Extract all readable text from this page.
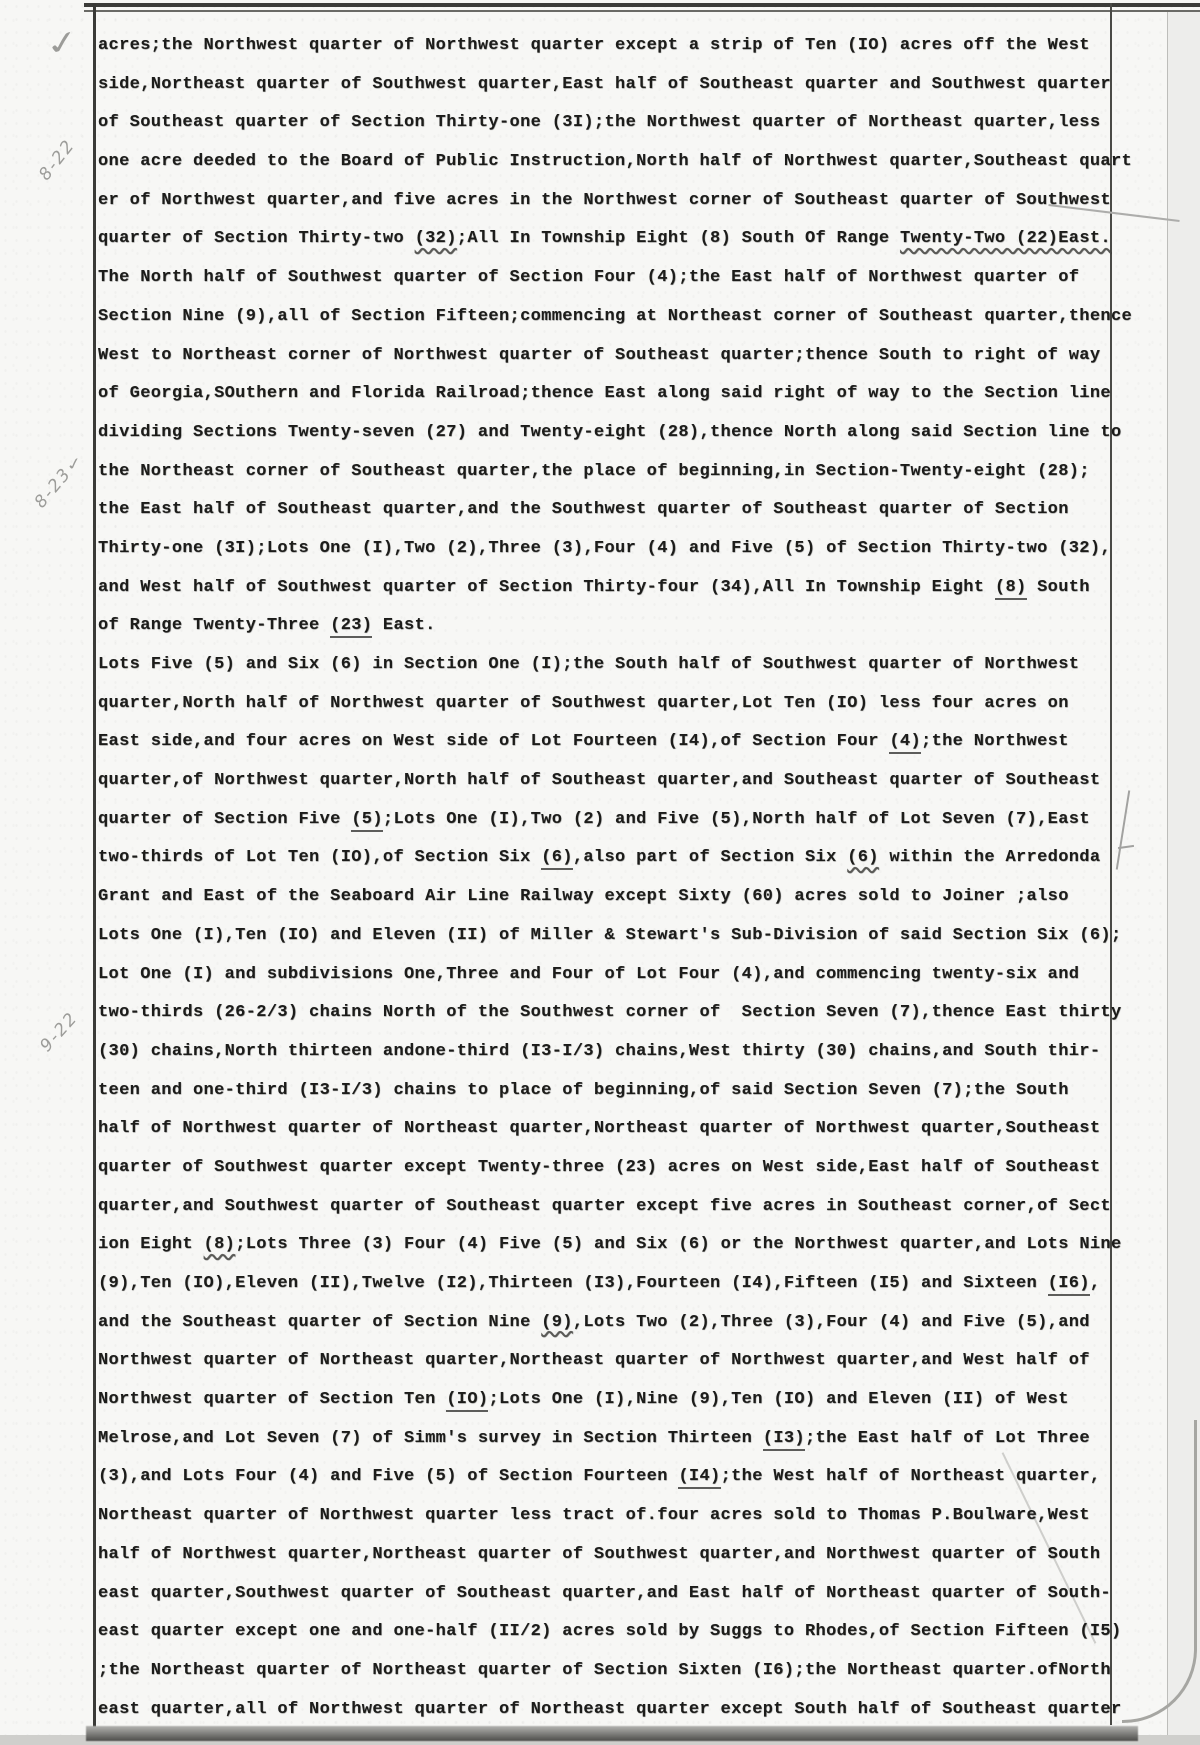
✓
8-22
✓
8-23
9-22
acres;the Northwest quarter of Northwest quarter except a strip of Ten (IO) acres off the West
side,Northeast quarter of Southwest quarter,East half of Southeast quarter and Southwest quarter
of Southeast quarter of Section Thirty-one (3I);the Northwest quarter of Northeast quarter,less
one acre deeded to the Board of Public Instruction,North half of Northwest quarter,Southeast quart
er of Northwest quarter,and five acres in the Northwest corner of Southeast quarter of Southwest
quarter of Section Thirty-two (32);All In Township Eight (8) South Of Range Twenty-Two (22)East.
The North half of Southwest quarter of Section Four (4);the East half of Northwest quarter of
Section Nine (9),all of Section Fifteen;commencing at Northeast corner of Southeast quarter,thence
West to Northeast corner of Northwest quarter of Southeast quarter;thence South to right of way
of Georgia,SOuthern and Florida Railroad;thence East along said right of way to the Section line
dividing Sections Twenty-seven (27) and Twenty-eight (28),thence North along said Section line to
the Northeast corner of Southeast quarter,the place of beginning,in Section-Twenty-eight (28);
the East half of Southeast quarter,and the Southwest quarter of Southeast quarter of Section
Thirty-one (3I);Lots One (I),Two (2),Three (3),Four (4) and Five (5) of Section Thirty-two (32),
and West half of Southwest quarter of Section Thirty-four (34),All In Township Eight (8) South
of Range Twenty-Three (23) East.
Lots Five (5) and Six (6) in Section One (I);the South half of Southwest quarter of Northwest
quarter,North half of Northwest quarter of Southwest quarter,Lot Ten (IO) less four acres on
East side,and four acres on West side of Lot Fourteen (I4),of Section Four (4);the Northwest
quarter,of Northwest quarter,North half of Southeast quarter,and Southeast quarter of Southeast
quarter of Section Five (5);Lots One (I),Two (2) and Five (5),North half of Lot Seven (7),East
two-thirds of Lot Ten (IO),of Section Six (6),also part of Section Six (6) within the Arredonda
Grant and East of the Seaboard Air Line Railway except Sixty (60) acres sold to Joiner ;also
Lots One (I),Ten (IO) and Eleven (II) of Miller & Stewart's Sub-Division of said Section Six (6);
Lot One (I) and subdivisions One,Three and Four of Lot Four (4),and commencing twenty-six and
two-thirds (26-2/3) chains North of the Southwest corner of  Section Seven (7),thence East thirty
(30) chains,North thirteen andone-third (I3-I/3) chains,West thirty (30) chains,and South thir-
teen and one-third (I3-I/3) chains to place of beginning,of said Section Seven (7);the South
half of Northwest quarter of Northeast quarter,Northeast quarter of Northwest quarter,Southeast
quarter of Southwest quarter except Twenty-three (23) acres on West side,East half of Southeast
quarter,and Southwest quarter of Southeast quarter except five acres in Southeast corner,of Sect
ion Eight (8);Lots Three (3) Four (4) Five (5) and Six (6) or the Northwest quarter,and Lots Nine
(9),Ten (IO),Eleven (II),Twelve (I2),Thirteen (I3),Fourteen (I4),Fifteen (I5) and Sixteen (I6),
and the Southeast quarter of Section Nine (9),Lots Two (2),Three (3),Four (4) and Five (5),and
Northwest quarter of Northeast quarter,Northeast quarter of Northwest quarter,and West half of
Northwest quarter of Section Ten (IO);Lots One (I),Nine (9),Ten (IO) and Eleven (II) of West
Melrose,and Lot Seven (7) of Simm's survey in Section Thirteen (I3);the East half of Lot Three
(3),and Lots Four (4) and Five (5) of Section Fourteen (I4);the West half of Northeast quarter,
Northeast quarter of Northwest quarter less tract of.four acres sold to Thomas P.Boulware,West
half of Northwest quarter,Northeast quarter of Southwest quarter,and Northwest quarter of South
east quarter,Southwest quarter of Southeast quarter,and East half of Northeast quarter of South-
east quarter except one and one-half (II/2) acres sold by Suggs to Rhodes,of Section Fifteen (I5)
;the Northeast quarter of Northeast quarter of Section Sixten (I6);the Northeast quarter.ofNorth
east quarter,all of Northwest quarter of Northeast quarter except South half of Southeast quarter
